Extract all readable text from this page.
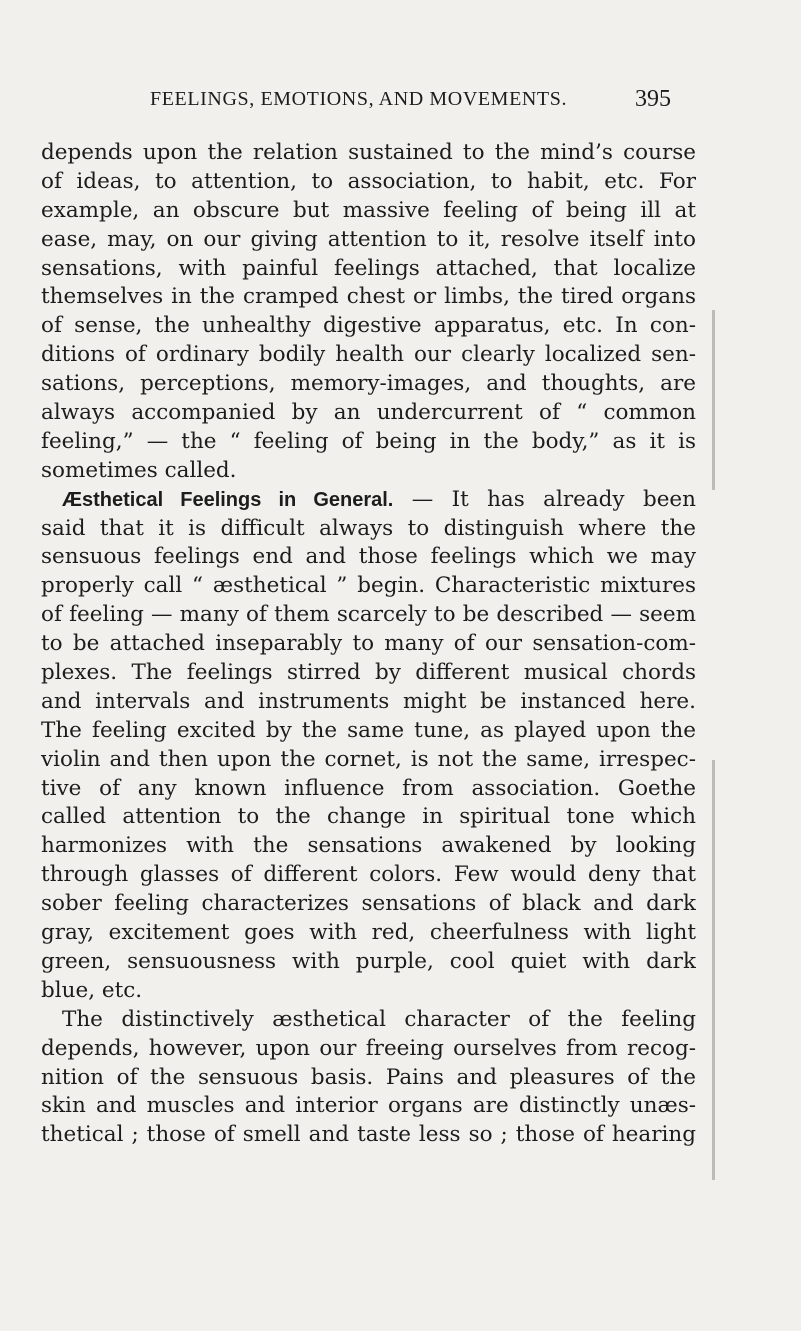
FEELINGS, EMOTIONS, AND MOVEMENTS.	395
depends upon the relation sustained to the mind’s course
of ideas, to attention, to association, to habit, etc. For
example, an obscure but massive feeling of being ill at
ease, may, on our giving attention to it, resolve itself into
sensations, with painful feelings attached, that localize
themselves in the cramped chest or limbs, the tired organs
of sense, the unhealthy digestive apparatus, etc. In con-
ditions of ordinary bodily health our clearly localized sen-
sations, perceptions, memory-images, and thoughts, are
always accompanied by an undercurrent of “ common
feeling,” — the “ feeling of being in the body,” as it is
sometimes called.
Æsthetical Feelings in General. — It has already been
said that it is difficult always to distinguish where the
sensuous feelings end and those feelings which we may
properly call “ æsthetical ” begin. Characteristic mixtures
of feeling — many of them scarcely to be described — seem
to be attached inseparably to many of our sensation-com-
plexes. The feelings stirred by different musical chords
and intervals and instruments might be instanced here.
The feeling excited by the same tune, as played upon the
violin and then upon the cornet, is not the same, irrespec-
tive of any known influence from association. Goethe
called attention to the change in spiritual tone which
harmonizes with the sensations awakened by looking
through glasses of different colors. Few would deny that
sober feeling characterizes sensations of black and dark
gray, excitement goes with red, cheerfulness with light
green, sensuousness with purple, cool quiet with dark
blue, etc.
The distinctively æsthetical character of the feeling
depends, however, upon our freeing ourselves from recog-
nition of the sensuous basis. Pains and pleasures of the
skin and muscles and interior organs are distinctly unæs-
thetical ; those of smell and taste less so ; those of hearing
